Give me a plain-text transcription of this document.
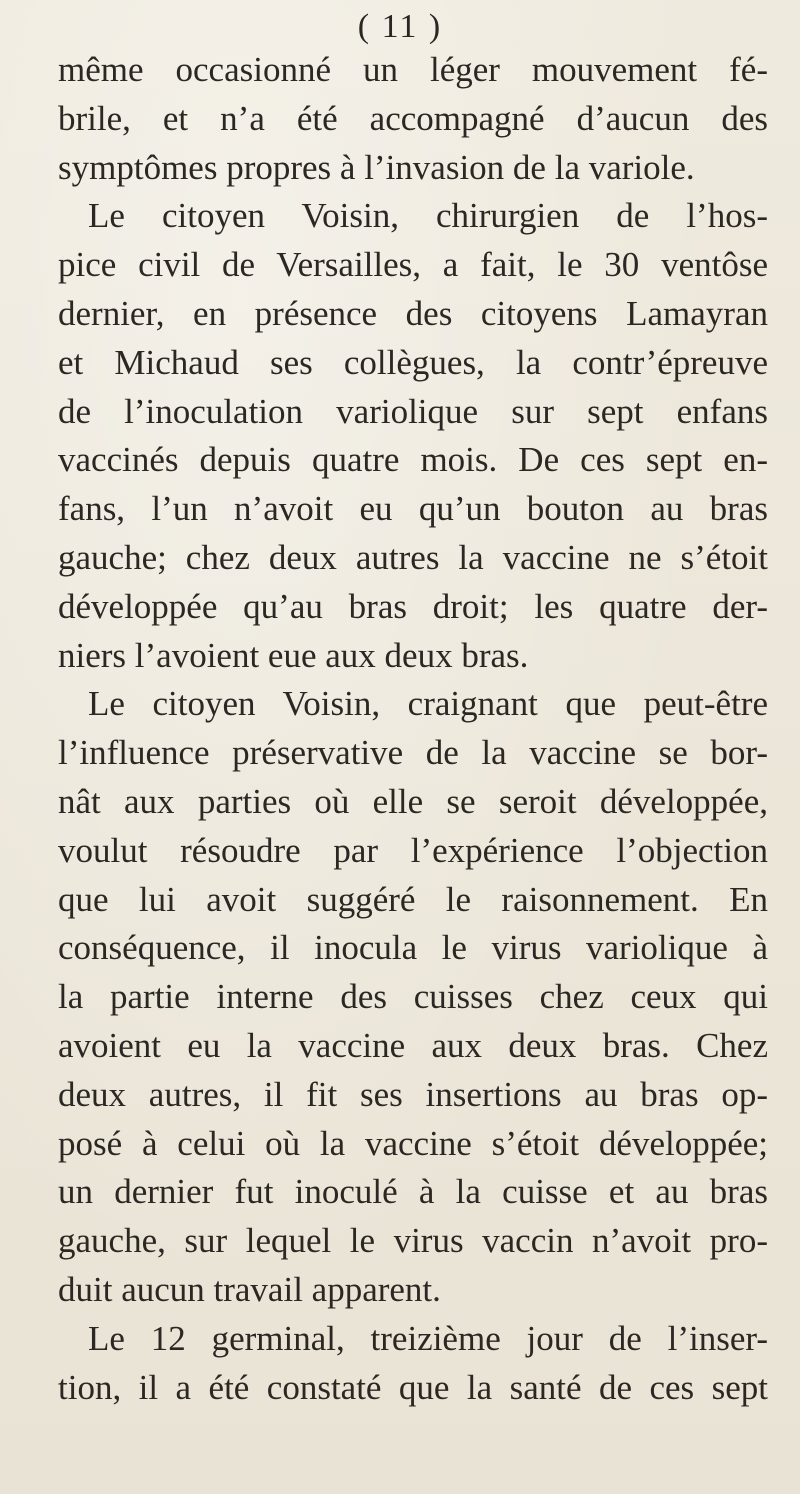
( 11 )
même occasionné un léger mouvement fé-
brile, et n’a été accompagné d’aucun des
symptômes propres à l’invasion de la variole.
Le citoyen Voisin, chirurgien de l’hos-
pice civil de Versailles, a fait, le 30 ventôse
dernier, en présence des citoyens Lamayran
et Michaud ses collègues, la contr’épreuve
de l’inoculation variolique sur sept enfans
vaccinés depuis quatre mois. De ces sept en-
fans, l’un n’avoit eu qu’un bouton au bras
gauche; chez deux autres la vaccine ne s’étoit
développée qu’au bras droit; les quatre der-
niers l’avoient eue aux deux bras.
Le citoyen Voisin, craignant que peut-être
l’influence préservative de la vaccine se bor-
nât aux parties où elle se seroit développée,
voulut résoudre par l’expérience l’objection
que lui avoit suggéré le raisonnement. En
conséquence, il inocula le virus variolique à
la partie interne des cuisses chez ceux qui
avoient eu la vaccine aux deux bras. Chez
deux autres, il fit ses insertions au bras op-
posé à celui où la vaccine s’étoit développée;
un dernier fut inoculé à la cuisse et au bras
gauche, sur lequel le virus vaccin n’avoit pro-
duit aucun travail apparent.
Le 12 germinal, treizième jour de l’inser-
tion, il a été constaté que la santé de ces sept
